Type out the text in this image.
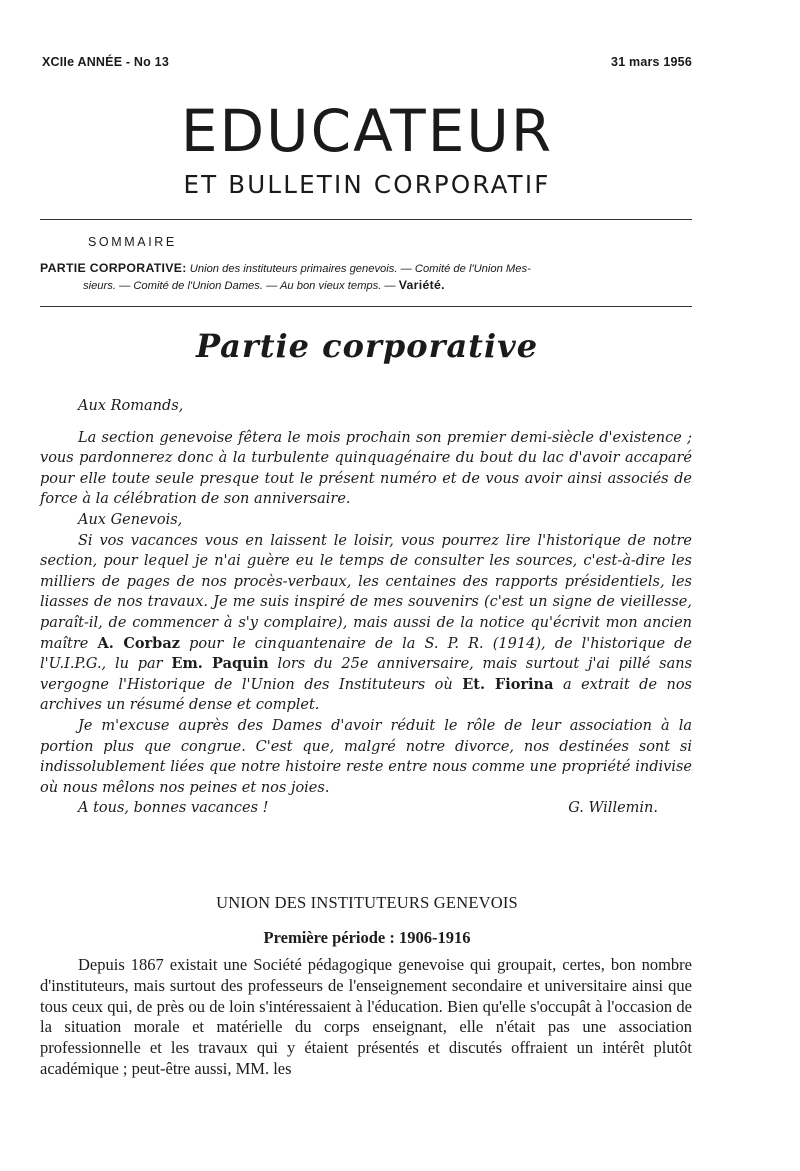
XCIIe ANNÉE - No 13	31 mars 1956
EDUCATEUR
ET BULLETIN CORPORATIF
SOMMAIRE
PARTIE CORPORATIVE: Union des instituteurs primaires genevois. — Comité de l'Union Mes-
sieurs. — Comité de l'Union Dames. — Au bon vieux temps. — Variété.
Partie corporative

Aux Romands,

La section genevoise fêtera le mois prochain son premier demi-siècle d'existence ; vous pardonnerez donc à la turbulente quinquagénaire du bout du lac d'avoir accaparé pour elle toute seule presque tout le présent numéro et de vous avoir ainsi associés de force à la célébration de son anniversaire.

Aux Genevois,

Si vos vacances vous en laissent le loisir, vous pourrez lire l'historique de notre section, pour lequel je n'ai guère eu le temps de consulter les sources, c'est-à-dire les milliers de pages de nos procès-verbaux, les centaines des rapports présidentiels, les liasses de nos travaux. Je me suis inspiré de mes souvenirs (c'est un signe de vieillesse, paraît-il, de commencer à s'y complaire), mais aussi de la notice qu'écrivit mon ancien maître A. Corbaz pour le cinquantenaire de la S. P. R. (1914), de l'historique de l'U.I.P.G., lu par Em. Paquin lors du 25e anniversaire, mais surtout j'ai pillé sans vergogne l'Historique de l'Union des Instituteurs où Et. Fiorina a extrait de nos archives un résumé dense et complet.

Je m'excuse auprès des Dames d'avoir réduit le rôle de leur association à la portion plus que congrue. C'est que, malgré notre divorce, nos destinées sont si indissolublement liées que notre histoire reste entre nous comme une propriété indivise où nous mêlons nos peines et nos joies.

A tous, bonnes vacances !	G. Willemin.
UNION DES INSTITUTEURS GENEVOIS
Première période : 1906-1916

Depuis 1867 existait une Société pédagogique genevoise qui groupait, certes, bon nombre d'instituteurs, mais surtout des professeurs de l'enseignement secondaire et universitaire ainsi que tous ceux qui, de près ou de loin s'intéressaient à l'éducation. Bien qu'elle s'occupât à l'occasion de la situation morale et matérielle du corps enseignant, elle n'était pas une association professionnelle et les travaux qui y étaient présentés et discutés offraient un intérêt plutôt académique ; peut-être aussi, MM. les
